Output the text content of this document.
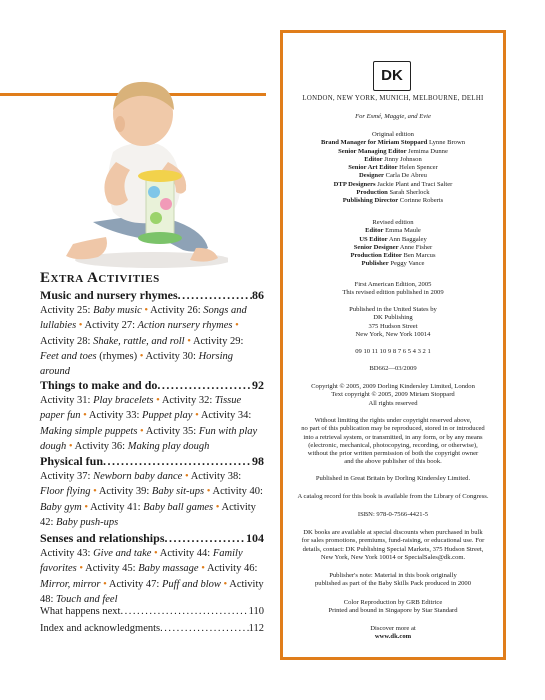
Extra Activities
Music and nursery rhymes .....	86
Activity 25: Baby music • Activity 26: Songs and lullabies • Activity 27: Action nursery rhymes • Activity 28: Shake, rattle, and roll • Activity 29: Feet and toes (rhymes) • Activity 30: Horsing around
Things to make and do .....	92
Activity 31: Play bracelets • Activity 32: Tissue paper fun • Activity 33: Puppet play • Activity 34: Making simple puppets • Activity 35: Fun with play dough • Activity 36: Making play dough
Physical fun .....	98
Activity 37: Newborn baby dance • Activity 38: Floor flying • Activity 39: Baby sit-ups • Activity 40: Baby gym • Activity 41: Baby ball games • Activity 42: Baby push-ups
Senses and relationships .....	104
Activity 43: Give and take • Activity 44: Family favorites • Activity 45: Baby massage • Activity 46: Mirror, mirror • Activity 47: Puff and blow • Activity 48: Touch and feel
What happens next .....	110
Index and acknowledgments .....	112
DK
LONDON, NEW YORK, MUNICH, MELBOURNE, DELHI
For Esmé, Maggie, and Evie
Original edition
Brand Manager for Miriam Stoppard Lynne Brown
Senior Managing Editor Jemima Dunne
Editor Jinny Johnson
Senior Art Editor Helen Spencer
Designer Carla De Abreu
DTP Designers Jackie Plant and Traci Salter
Production Sarah Sherlock
Publishing Director Corinne Roberts
Revised edition
Editor Emma Maule
US Editor Ann Baggaley
Senior Designer Anne Fisher
Production Editor Ben Marcus
Publisher Peggy Vance
First American Edition, 2005
This revised edition published in 2009
Published in the United States by
DK Publishing
375 Hudson Street
New York, New York 10014
09 10 11 10 9 8 7 6 5 4 3 2 1
BD662—03/2009
Copyright © 2005, 2009 Dorling Kindersley Limited, London
Text copyright © 2005, 2009 Miriam Stoppard
All rights reserved
Without limiting the rights under copyright reserved above,
no part of this publication may be reproduced, stored in or introduced
into a retrieval system, or transmitted, in any form, or by any means
(electronic, mechanical, photocopying, recording, or otherwise),
without the prior written permission of both the copyright owner
and the above publisher of this book.
Published in Great Britain by Dorling Kindersley Limited.
A catalog record for this book is available from the Library of Congress.
ISBN: 978-0-7566-4421-5
DK books are available at special discounts when purchased in bulk
for sales promotions, premiums, fund-raising, or educational use. For
details, contact: DK Publishing Special Markets, 375 Hudson Street,
New York, New York 10014 or SpecialSales@dk.com.
Publisher's note: Material in this book originally
published as part of the Baby Skills Pack produced in 2000
Color Reproduction by GRB Editrice
Printed and bound in Singapore by Star Standard
Discover more at
www.dk.com
